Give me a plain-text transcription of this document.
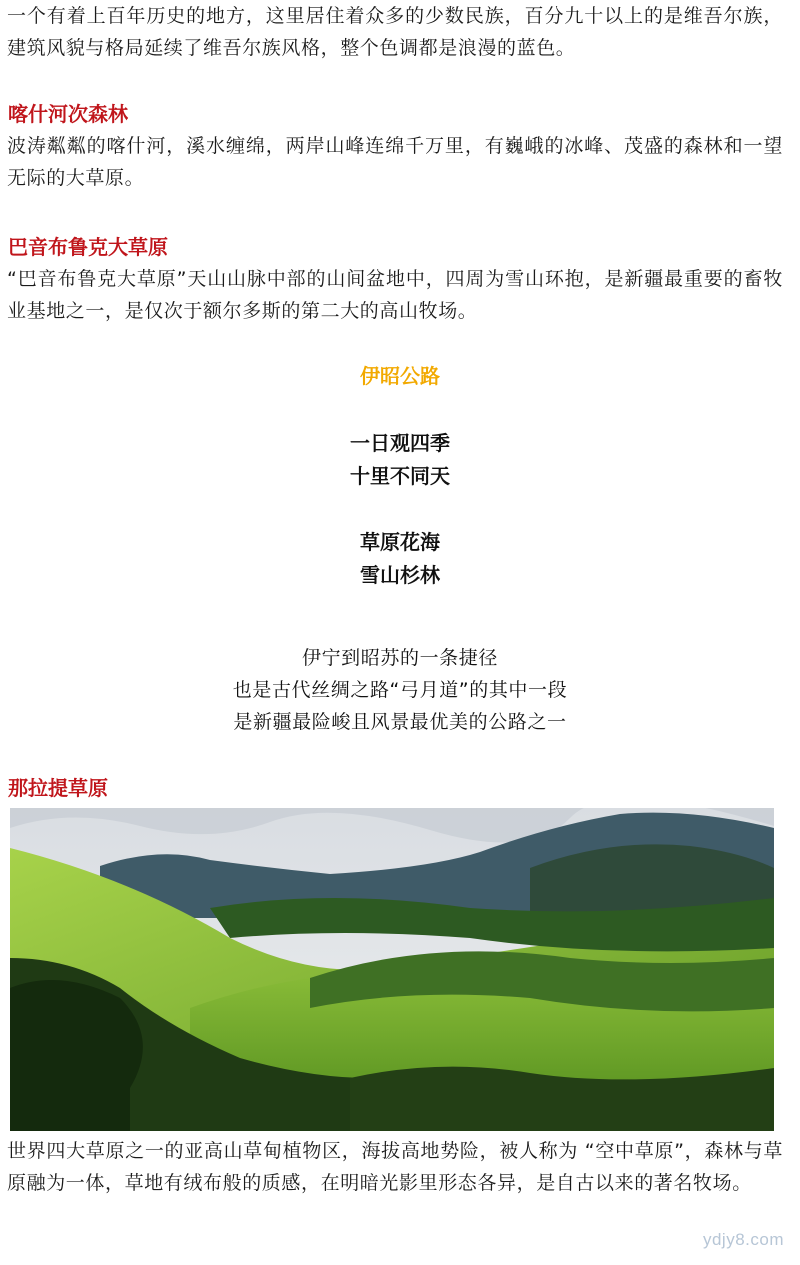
一个有着上百年历史的地方，这里居住着众多的少数民族，百分九十以上的是维吾尔族，建筑风貌与格局延续了维吾尔族风格，整个色调都是浪漫的蓝色。

喀什河次森林

波涛粼粼的喀什河，溪水缠绵，两岸山峰连绵千万里，有巍峨的冰峰、茂盛的森林和一望无际的大草原。

巴音布鲁克大草原

“巴音布鲁克大草原”天山山脉中部的山间盆地中，四周为雪山环抱，是新疆最重要的畜牧业基地之一，是仅次于额尔多斯的第二大的高山牧场。

伊昭公路

一日观四季

十里不同天

草原花海

雪山杉林

伊宁到昭苏的一条捷径

也是古代丝绸之路“弓月道”的其中一段

是新疆最险峻且风景最优美的公路之一

那拉提草原

世界四大草原之一的亚高山草甸植物区，海拔高地势险，被人称为 “空中草原”，森林与草原融为一体，草地有绒布般的质感，在明暗光影里形态各异，是自古以来的著名牧场。

ydjy8.com
